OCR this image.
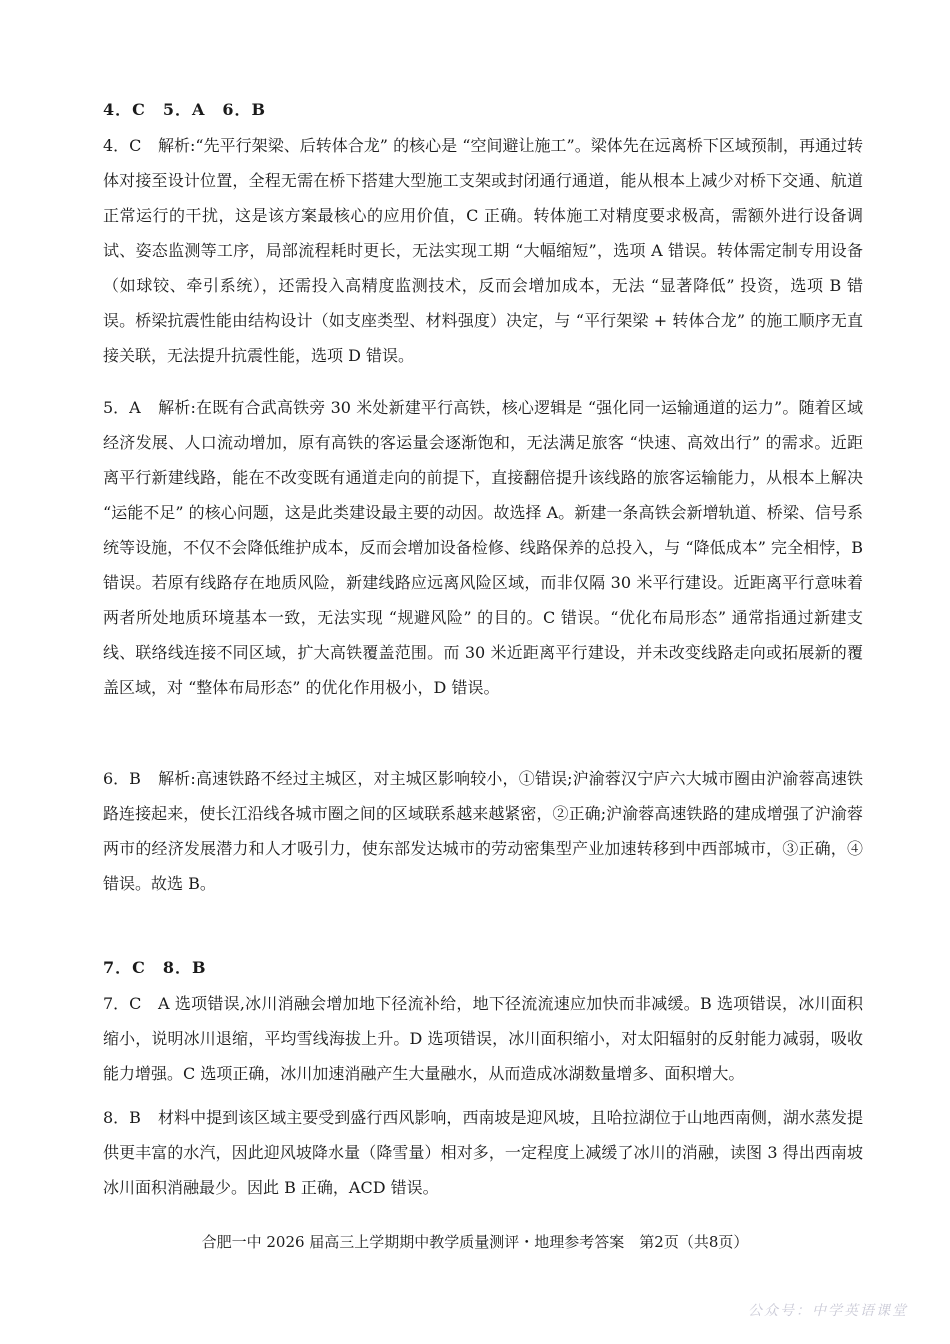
4．C　5．A　6．B

4．C 解析:“先平行架梁、后转体合龙” 的核心是 “空间避让施工”。梁体先在远离桥下区域预制，再通过转体对接至设计位置，全程无需在桥下搭建大型施工支架或封闭通行通道，能从根本上减少对桥下交通、航道正常运行的干扰，这是该方案最核心的应用价值，C 正确。转体施工对精度要求极高，需额外进行设备调试、姿态监测等工序，局部流程耗时更长，无法实现工期 “大幅缩短”，选项 A 错误。转体需定制专用设备（如球铰、牵引系统），还需投入高精度监测技术，反而会增加成本，无法 “显著降低” 投资，选项 B 错误。桥梁抗震性能由结构设计（如支座类型、材料强度）决定，与 “平行架梁 + 转体合龙” 的施工顺序无直接关联，无法提升抗震性能，选项 D 错误。

5．A 解析:在既有合武高铁旁 30 米处新建平行高铁，核心逻辑是 “强化同一运输通道的运力”。随着区域经济发展、人口流动增加，原有高铁的客运量会逐渐饱和，无法满足旅客 “快速、高效出行” 的需求。近距离平行新建线路，能在不改变既有通道走向的前提下，直接翻倍提升该线路的旅客运输能力，从根本上解决 “运能不足” 的核心问题，这是此类建设最主要的动因。故选择 A。新建一条高铁会新增轨道、桥梁、信号系统等设施，不仅不会降低维护成本，反而会增加设备检修、线路保养的总投入，与 “降低成本” 完全相悖，B 错误。若原有线路存在地质风险，新建线路应远离风险区域，而非仅隔 30 米平行建设。近距离平行意味着两者所处地质环境基本一致，无法实现 “规避风险” 的目的。C 错误。“优化布局形态” 通常指通过新建支线、联络线连接不同区域，扩大高铁覆盖范围。而 30 米近距离平行建设，并未改变线路走向或拓展新的覆盖区域，对 “整体布局形态” 的优化作用极小，D 错误。

6．B 解析:高速铁路不经过主城区，对主城区影响较小，①错误;沪渝蓉汉宁庐六大城市圈由沪渝蓉高速铁路连接起来，使长江沿线各城市圈之间的区域联系越来越紧密，②正确;沪渝蓉高速铁路的建成增强了沪渝蓉两市的经济发展潜力和人才吸引力，使东部发达城市的劳动密集型产业加速转移到中西部城市，③正确，④错误。故选 B。

7．C　8．B

7．C A 选项错误,冰川消融会增加地下径流补给，地下径流流速应加快而非减缓。B 选项错误，冰川面积缩小，说明冰川退缩，平均雪线海拔上升。D 选项错误，冰川面积缩小，对太阳辐射的反射能力减弱，吸收能力增强。C 选项正确，冰川加速消融产生大量融水，从而造成冰湖数量增多、面积增大。

8．B 材料中提到该区域主要受到盛行西风影响，西南坡是迎风坡，且哈拉湖位于山地西南侧，湖水蒸发提供更丰富的水汽，因此迎风坡降水量（降雪量）相对多，一定程度上减缓了冰川的消融，读图 3 得出西南坡冰川面积消融最少。因此 B 正确，ACD 错误。

合肥一中 2026 届高三上学期期中教学质量测评・地理参考答案　第2页（共8页）
公众号：中学英语课堂
